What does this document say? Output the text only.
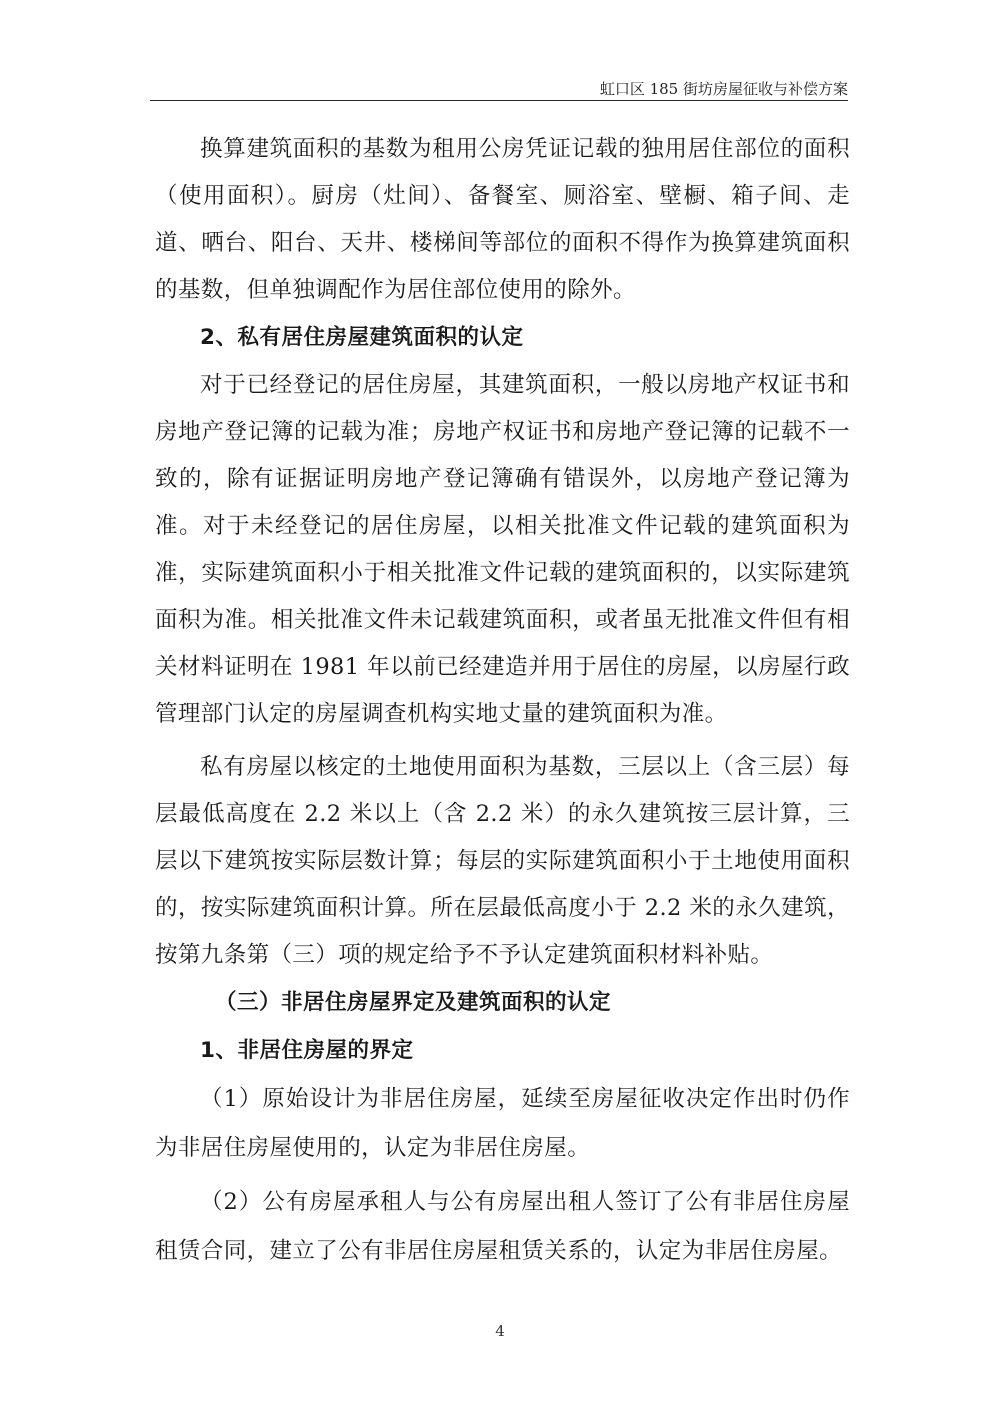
虹口区 185 街坊房屋征收与补偿方案

换算建筑面积的基数为租用公房凭证记载的独用居住部位的面积（使用面积）。厨房（灶间）、备餐室、厕浴室、壁橱、箱子间、走道、晒台、阳台、天井、楼梯间等部位的面积不得作为换算建筑面积的基数，但单独调配作为居住部位使用的除外。

2、私有居住房屋建筑面积的认定

对于已经登记的居住房屋，其建筑面积，一般以房地产权证书和房地产登记簿的记载为准；房地产权证书和房地产登记簿的记载不一致的，除有证据证明房地产登记簿确有错误外，以房地产登记簿为准。对于未经登记的居住房屋，以相关批准文件记载的建筑面积为准，实际建筑面积小于相关批准文件记载的建筑面积的，以实际建筑面积为准。相关批准文件未记载建筑面积，或者虽无批准文件但有相关材料证明在 1981 年以前已经建造并用于居住的房屋，以房屋行政管理部门认定的房屋调查机构实地丈量的建筑面积为准。

私有房屋以核定的土地使用面积为基数，三层以上（含三层）每层最低高度在 2.2 米以上（含 2.2 米）的永久建筑按三层计算，三层以下建筑按实际层数计算；每层的实际建筑面积小于土地使用面积的，按实际建筑面积计算。所在层最低高度小于 2.2 米的永久建筑，按第九条第（三）项的规定给予不予认定建筑面积材料补贴。

（三）非居住房屋界定及建筑面积的认定

1、非居住房屋的界定

（1）原始设计为非居住房屋，延续至房屋征收决定作出时仍作为非居住房屋使用的，认定为非居住房屋。

（2）公有房屋承租人与公有房屋出租人签订了公有非居住房屋租赁合同，建立了公有非居住房屋租赁关系的，认定为非居住房屋。

4
